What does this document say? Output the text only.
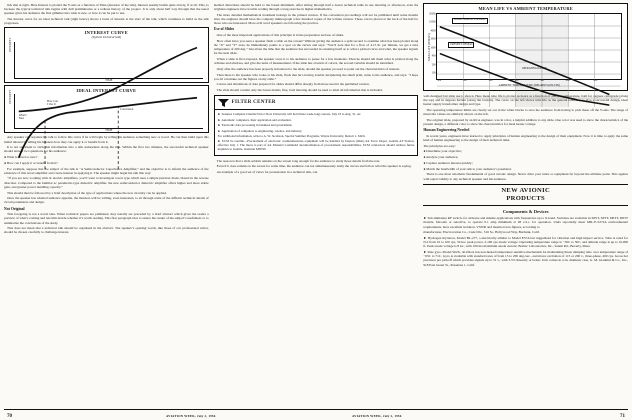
lick that at right. Here Interest is plotted the Y-axis as a function of Time (duration of the talk). Interest usually builds quite slowly, if at all. This, is because the typical technical talk begins with dull preliminaries or a tedious history of the project. It is only about half way through that the usual speaker gives his audience the first glimmer into what is new, or how it can be put to use.

The interest curve for an ideal technical talk (right below) shows a burst of interest at the start of the talk, which continues to build as the talk progresses.

INTEREST CURVE
(Typical technical talk)
INTEREST
TIME
IDEAL INTEREST CURVE
INTEREST	How Can
I Use It
What's
New
Conclusion
TIME

Any speaker can organize his talk to follow this curve if he will begin by telling his audience something new or novel. He can then build upon this initial interest by telling his listeners how they can apply it or benefit from it.

It is not sufficient to stick this information into a talk somewhere along the line. Within the first two minutes, the successful technical speaker should answer two questions for his audience:

● What is novel or new?

● How can I apply it or benefit from it?

For example, suppose that the subject of the talk is “A Semiconductor Capacitance Amplifier,” and the objective is to inform the audience of the existence of this novel amplifier and create interest in applying it. The speaker might begin his talk this way:

“If you are now working with dc electric amplifiers, you’ll want to investigate a new type which uses a simple junction diode, biased in the reverse direction. Compared to the familiar ac parametric-type dielectric amplifier, the new semiconductor dielectric amplifier offers higher and more stable gain, and greater power handling capacity.”

This should then be followed by a brief description of the type of applications where the new circuitry can be applied.

Once the speaker has whetted audience appetite, the listeners will be willing, even interested, to sit through some of the difficult technical details of circuit parameters and design.

Not Original

This foregoing is not a novel idea. When technical papers are published, they usually are preceded by a brief abstract which gives the reader a preview of what’s coming and lets him decide whether it’s worth reading. This first paragraph tries to assure the reader of the subject’s usefulness or to summarize the conclusions of the study.

This does not mean that a technical talk should be organized in the abstract. The speaker’s opening words, like those of our professional writer, should be chosen carefully to challenge interest.

method distortions should be held to the barest minimum. After sitting through half a dozen technical talks in one morning or afternoon, even the brightest engineers have trouble wading through a long exercise in higher mathematics.

The more detailed mathematical treatment belongs in the printed version. If the convention proceedings will not be published until some months later, the engineer should have his company mimeograph a few hundred copies of the written version. These can be placed at the back of the hall for those who are interested. More avid word speakers are following the practice.

Use of Slides

One of the most important applications of this principle is in the preparation and use of slides.

How often have you seen a speaker flash a slide on the screen? Without giving the audience a split second to examine what has been plotted along the “X” and “Y” axes, he immediately points to a spot on the curves and says: “You’ll note that for a flow of 4.15 lb. per minute, we get a tube temperature of 200 deg.” Just about the time that the audience has succeeded in orienting itself as to what a plotted curve and what, the speaker signals for the next slide.

When a slide is first exposed, the speaker owes it to his audience to pause for a few moments. Then he should tell them what is plotted along the ordinate and abscissa, and give the units of measurement. If the slide has a bunch of curves, the second variable should be identified.

Only after the audience has been properly introduced to the slide, should the speaker proceed to point out the characteristics of interest.

Then there is the speaker who looks at his slide, finds that he’s having trouble deciphering the small print, turns to his audience, and says: “I hope you all can make out the figures on my slide.”

Curves and tabulations of data prepared for slides should differ sharply from those used in the published version.

The slide should contain only the barest details, fine, bold lettering should be used to label all information that is included.

FILTER CENTER

► Sonuses Complete Cinema/Victor Slots University will hold three week-long courses, July 23 to Aug. 31, on:

► Automatic computers, their application and evaluation.

► Electronic data processing in business and government.

► Application of computers to engineering, science, and industry.

For additional information, write to A. W. Jacobson, Special Summer Programs, Wayne University, Detroit 1, Mich.

► ECM To Gentile—Procurement of electronic countermeasures equipment will be handled by Dayton (Ohio) Air Force Depot, Gentile AF Station, effective July 1. The move is part of Air Materiel Command decentralization of procurement responsibilities, ECM contractors should address future inquiries to Gentile, attention MSNW.

The reason is that a slide seldom remains on the screen long enough for the audience to study those details from the rear.

Even if it does remain on the screen for some time, the audience can not simultaneously study the curves and follow what the speaker is saying.

An example of a good set of views for presentation in a technical talk, can

MEAN LIFE VS AMBIENT TEMPERATURE
MEAN LIFE (HOURS)
20000
10000
4000
2000
1000
400
200
100
300	320	340	360	380	400	420
IDEAL HEATER VOLTAGE
PRESENT DESIGN
OPERATING RANGE
AMBIENT TEMPERATURE (DEGREES KELVIN)

well-designed but slide use is shown. Here mean tube life is plotted as hours as a function of ambient temperature, both for degrees centigrade (along the top) and in degrees Kelvin (along the bottom). The curve on the left shows tube life as the general tendency to give a successful design, ideal heater supply transformer design and type.

The operating temperature limits are clearly set out in the white blocks to save the audience from having to pick these off the Y-axis. The range of mean life values are similarly shown on the left.

The original slide, prepared by an RCA engineer, was in color, a helpful addition to any slide. One color was used to show the characteristics of the present design, a different color to show the characteristics for ideal heater voltage.

Human Engineering Needed

In recent years, engineers have learned to apply principles of human engineering to the design of their equipment. Now it is time to apply the same kind of human engineering to the design of their technical talks.

The principles are easy:

● Determine your objective;

● Analyze your audience;

● Capture audience interest quickly;

● Match the bandwidth of your talk to your audience’s passband.

There is one most axiomatic fundamental of good avionic design. Never drive your tubes or equipment far beyond the ultimate point. This applies with equal validity to any technical speaker and his audience.

NEW AVIONIC
PRODUCTS
Components & Devices

► Sub-miniature RF switch, for airborne and missile applications with frequencies up to X-band. Switches are available in SPST, SPTT, DPTT, DP3T models, fail-safe or selective, to operate 0.1 amp minimum at 28 v.d.c. for operation. Units reportedly meet MIL-E-5272A environmental requirements, have excellent isolation, VSWR and insertion loss figures, according to

manufacturer, Electrovation Co., Cade Div., 316 So. Hollywood Way, Burbank, Calif.

► Hydrogen thyratron, Model BL-277, a electrically similar to Model E37A but ruggedized for vibration and high impact service. Tube is rated for N.2 from 10 to 100 cps, 50 kw. peak power, 2,100 cps anode voltage. Operating temperature range is −50C to 50C, and altitude range is up to 10,000 ft. Peak anode voltage is 8 kv., with 100 ma maximum anode current. Bomac Laboratories, Inc., Salem Rd., Beverly, Mass.

► Rate gyro, Model S62X, oil-filled, has non-heated temperature sensitive mechanism for maintaining linear damping ratio over temperature range of −65C to 71C. Gyro is available with standard rates of from 15 to 200 deg./sec., and motor excitation of 115 or 200 v., three-phase, 400 cps. Gross hot precision per pickoff which provides signals up to 51 v., with 3.5% linearity or better. Unit comes in 2-in. diameter case, G. M. Giannini & Co., Inc., 918 East Green St., Pasadena 1, Calif.

70	AVIATION WEEK, July 2, 1956	AVIATION WEEK, July 2, 1956	71
